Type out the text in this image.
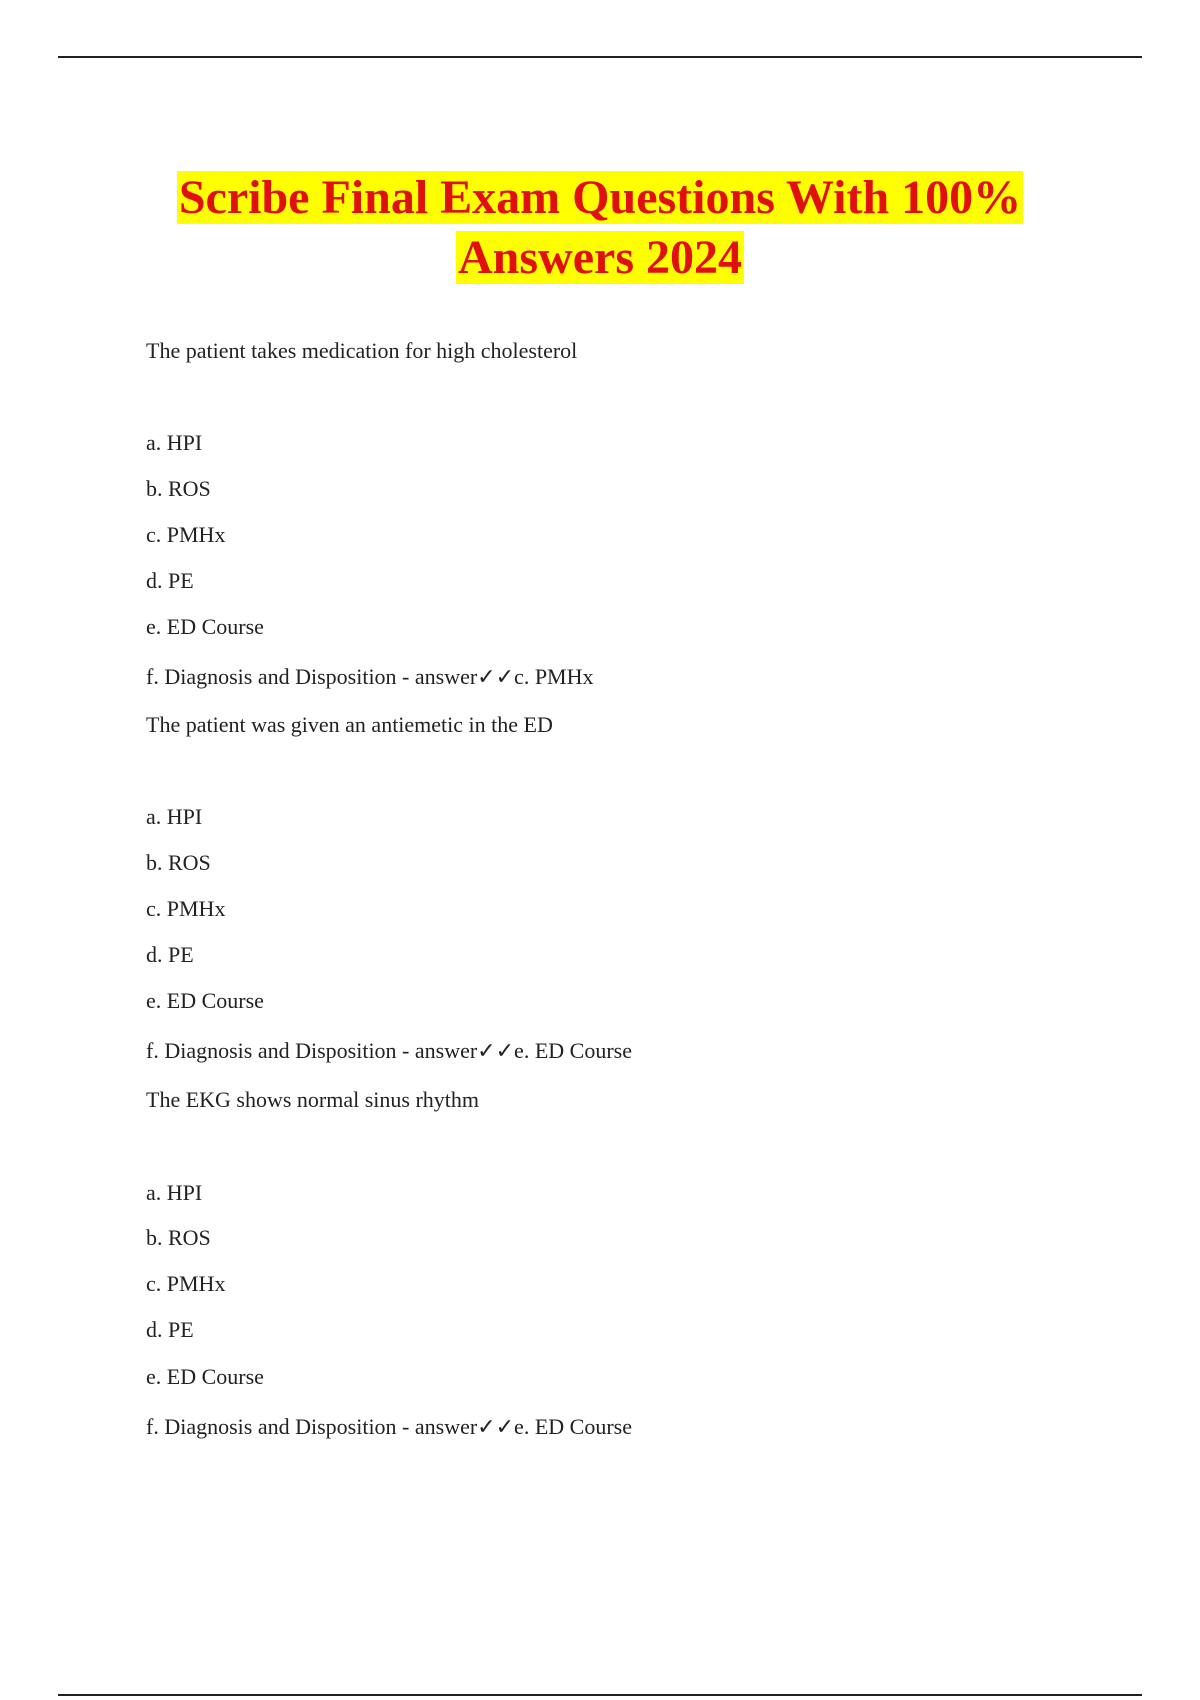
Scribe Final Exam Questions With 100%
Answers 2024
The patient takes medication for high cholesterol
a. HPI
b. ROS
c. PMHx
d. PE
e. ED Course
f. Diagnosis and Disposition - answer✓✓c. PMHx
The patient was given an antiemetic in the ED
a. HPI
b. ROS
c. PMHx
d. PE
e. ED Course
f. Diagnosis and Disposition - answer✓✓e. ED Course
The EKG shows normal sinus rhythm
a. HPI
b. ROS
c. PMHx
d. PE
e. ED Course
f. Diagnosis and Disposition - answer✓✓e. ED Course
